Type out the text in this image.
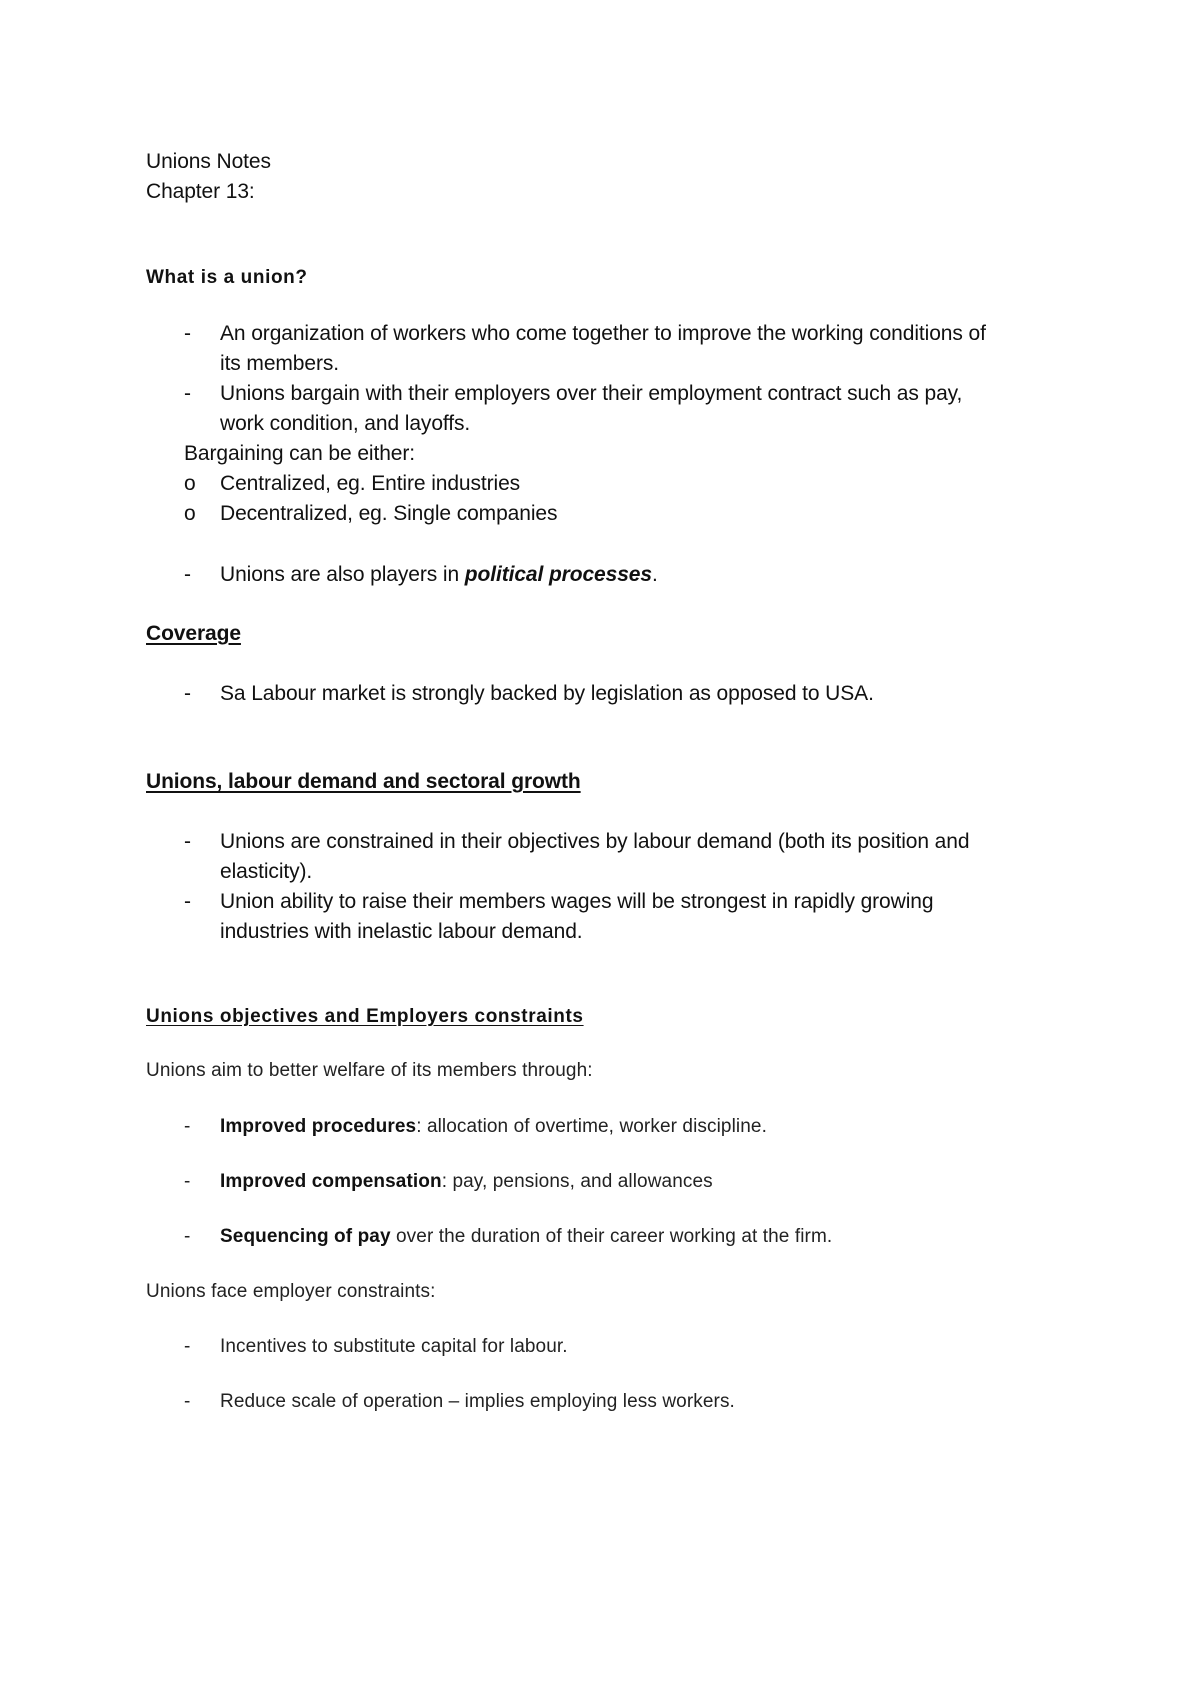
Unions Notes
Chapter 13:
What is a union?
-	An organization of workers who come together to improve the working conditions of
its members.
-	Unions bargain with their employers over their employment contract such as pay,
work condition, and layoffs.
Bargaining can be either:
o	Centralized, eg. Entire industries
o	Decentralized, eg. Single companies
-	Unions are also players in political processes.
Coverage
-	Sa Labour market is strongly backed by legislation as opposed to USA.
Unions, labour demand and sectoral growth
-	Unions are constrained in their objectives by labour demand (both its position and
elasticity).
-	Union ability to raise their members wages will be strongest in rapidly growing
industries with inelastic labour demand.
Unions objectives and Employers constraints
Unions aim to better welfare of its members through:
-	Improved procedures: allocation of overtime, worker discipline.
-	Improved compensation: pay, pensions, and allowances
-	Sequencing of pay over the duration of their career working at the firm.
Unions face employer constraints:
-	Incentives to substitute capital for labour.
-	Reduce scale of operation – implies employing less workers.
